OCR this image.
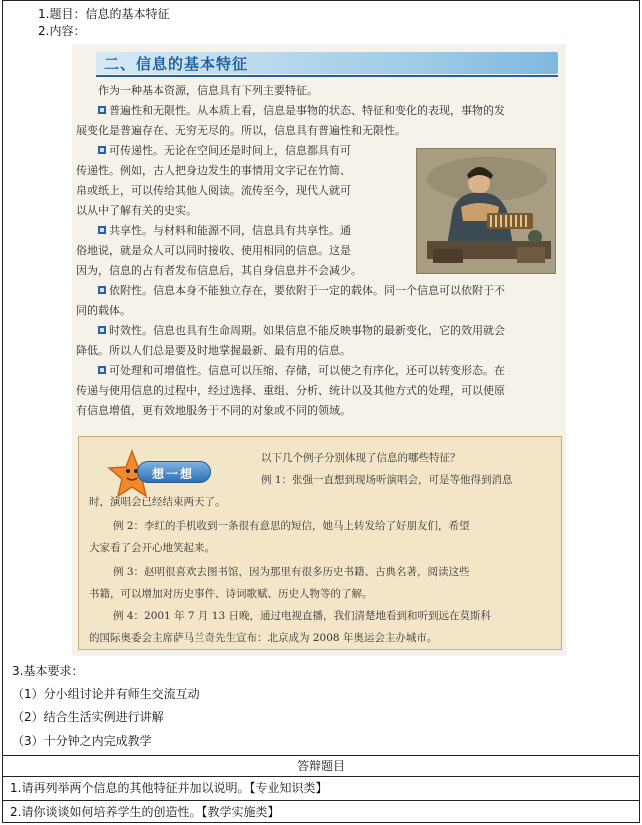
1.题目：信息的基本特征
2.内容：
二、信息的基本特征
作为一种基本资源，信息具有下列主要特征。
普遍性和无限性。从本质上看，信息是事物的状态、特征和变化的表现，事物的发
展变化是普遍存在、无穷无尽的。所以，信息具有普遍性和无限性。
可传递性。无论在空间还是时间上，信息都具有可
传递性。例如，古人把身边发生的事情用文字记在竹简、
帛或纸上，可以传给其他人阅读。流传至今，现代人就可
以从中了解有关的史实。
共享性。与材料和能源不同，信息具有共享性。通
俗地说，就是众人可以同时接收、使用相同的信息。这是
因为，信息的占有者发布信息后，其自身信息并不会减少。
依附性。信息本身不能独立存在，要依附于一定的载体。同一个信息可以依附于不
同的载体。
时效性。信息也具有生命周期。如果信息不能反映事物的最新变化，它的效用就会
降低。所以人们总是要及时地掌握最新、最有用的信息。
可处理和可增值性。信息可以压缩、存储，可以使之有序化，还可以转变形态。在
传递与使用信息的过程中，经过选择、重组、分析、统计以及其他方式的处理，可以使原
有信息增值，更有效地服务于不同的对象或不同的领域。
想一想
以下几个例子分别体现了信息的哪些特征？
例 1：张强一直想到现场听演唱会，可是等他得到消息
时，演唱会已经结束两天了。
例 2：李红的手机收到一条很有意思的短信，她马上转发给了好朋友们，希望
大家看了会开心地笑起来。
例 3：赵明很喜欢去图书馆，因为那里有很多历史书籍、古典名著，阅读这些
书籍，可以增加对历史事件、诗词歌赋、历史人物等的了解。
例 4：2001 年 7 月 13 日晚，通过电视直播，我们清楚地看到和听到远在莫斯科
的国际奥委会主席萨马兰奇先生宣布：北京成为 2008 年奥运会主办城市。
3.基本要求：
（1）分小组讨论并有师生交流互动
（2）结合生活实例进行讲解
（3）十分钟之内完成教学
答辩题目
1.请再列举两个信息的其他特征并加以说明。【专业知识类】
2.请你谈谈如何培养学生的创造性。【教学实施类】
